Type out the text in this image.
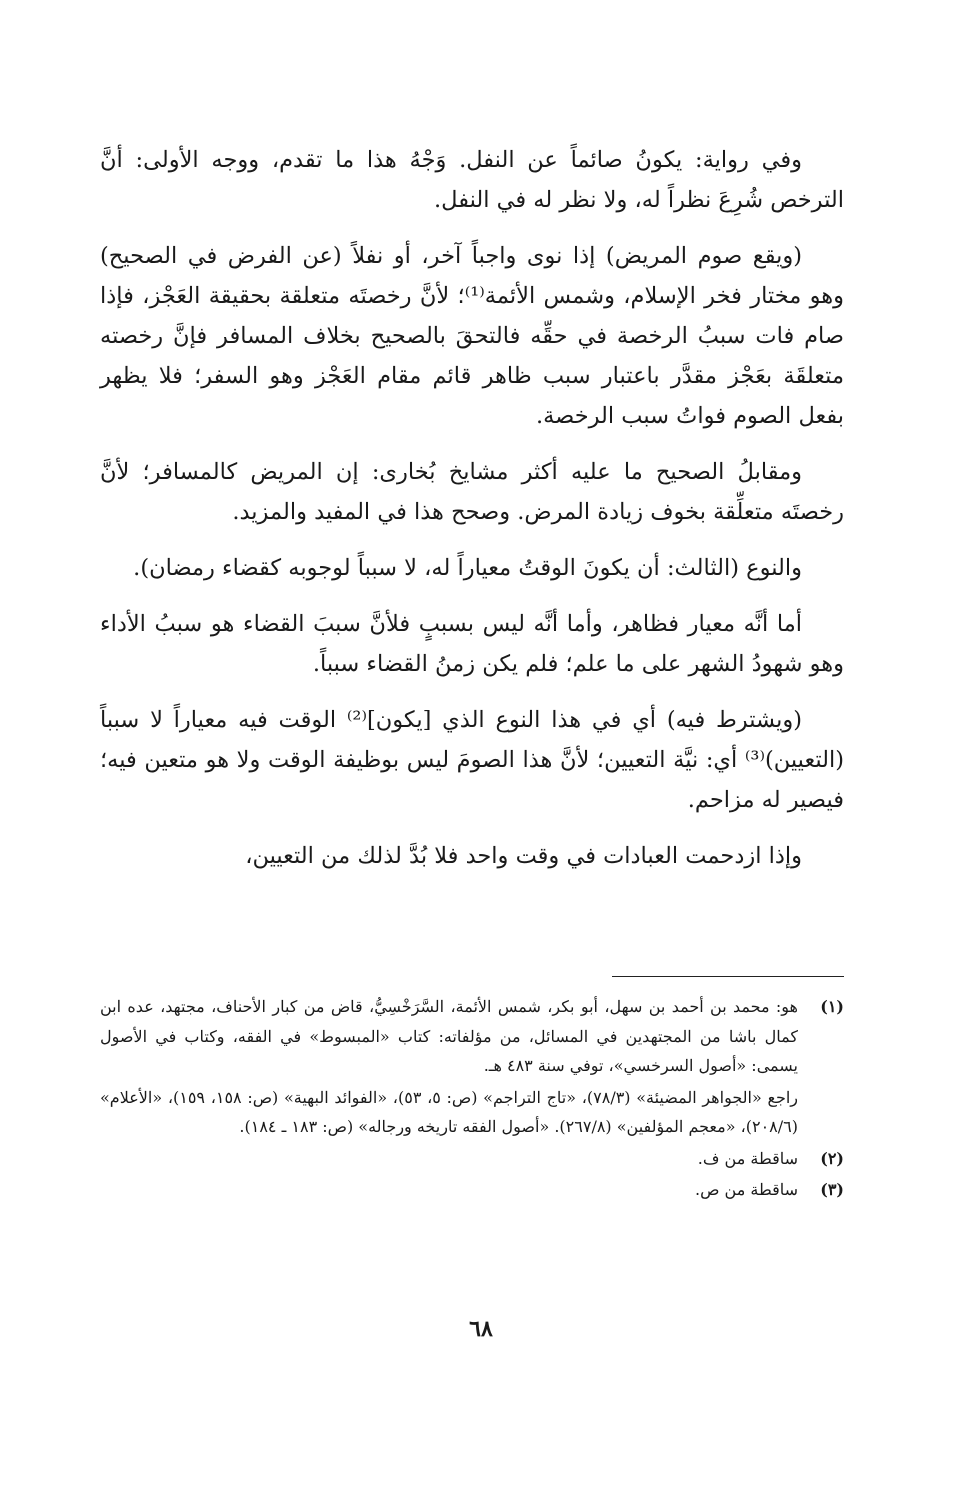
وفي رواية: يكونُ صائماً عن النفل. وَجْهُ هذا ما تقدم، ووجه الأولى: أنَّ الترخص شُرِعَ نظراً له، ولا نظر له في النفل.

(ويقع صوم المريض) إذا نوى واجباً آخر، أو نفلاً (عن الفرض في الصحيح) وهو مختار فخر الإسلام، وشمس الأئمة⁽¹⁾؛ لأنَّ رخصتَه متعلقة بحقيقة العَجْز، فإذا صام فات سببُ الرخصة في حقِّه فالتحقَ بالصحيح بخلاف المسافر فإنَّ رخصته متعلقَة بعَجْز مقدَّر باعتبار سبب ظاهر قائم مقام العَجْز وهو السفر؛ فلا يظهر بفعل الصوم فواتُ سبب الرخصة.

ومقابلُ الصحيح ما عليه أكثر مشايخ بُخارى: إن المريض كالمسافر؛ لأنَّ رخصتَه متعلِّقة بخوف زيادة المرض. وصحح هذا في المفيد والمزيد.

والنوع (الثالث: أن يكونَ الوقتُ معياراً له، لا سبباً لوجوبه كقضاء رمضان).

أما أنَّه معيار فظاهر، وأما أنَّه ليس بسببٍ فلأنَّ سببَ القضاء هو سببُ الأداء وهو شهودُ الشهر على ما علم؛ فلم يكن زمنُ القضاء سبباً.

(ويشترط فيه) أي في هذا النوع الذي [يكون]⁽²⁾ الوقت فيه معياراً لا سبباً (التعيين)⁽³⁾ أي: نيَّة التعيين؛ لأنَّ هذا الصومَ ليس بوظيفة الوقت ولا هو متعين فيه؛ فيصير له مزاحم.

وإذا ازدحمت العبادات في وقت واحد فلا بُدَّ لذلك من التعيين،

(١)

هو: محمد بن أحمد بن سهل، أبو بكر، شمس الأئمة، السَّرَخْسِيُّ، قاض من كبار الأحناف، مجتهد، عده ابن كمال باشا من المجتهدين في المسائل، من مؤلفاته: كتاب «المبسوط» في الفقه، وكتاب في الأصول يسمى: «أصول السرخسي»، توفي سنة ٤٨٣ هـ.

راجع «الجواهر المضيئة» (٧٨/٣)، «تاج التراجم» (ص: ٥، ٥٣)، «الفوائد البهية» (ص: ١٥٨، ١٥٩)، «الأعلام» (٢٠٨/٦)، «معجم المؤلفين» (٢٦٧/٨). «أصول الفقه تاريخه ورجاله» (ص: ١٨٣ ـ ١٨٤).

(٢)

ساقطة من ف.

(٣)

ساقطة من ص.

٦٨
